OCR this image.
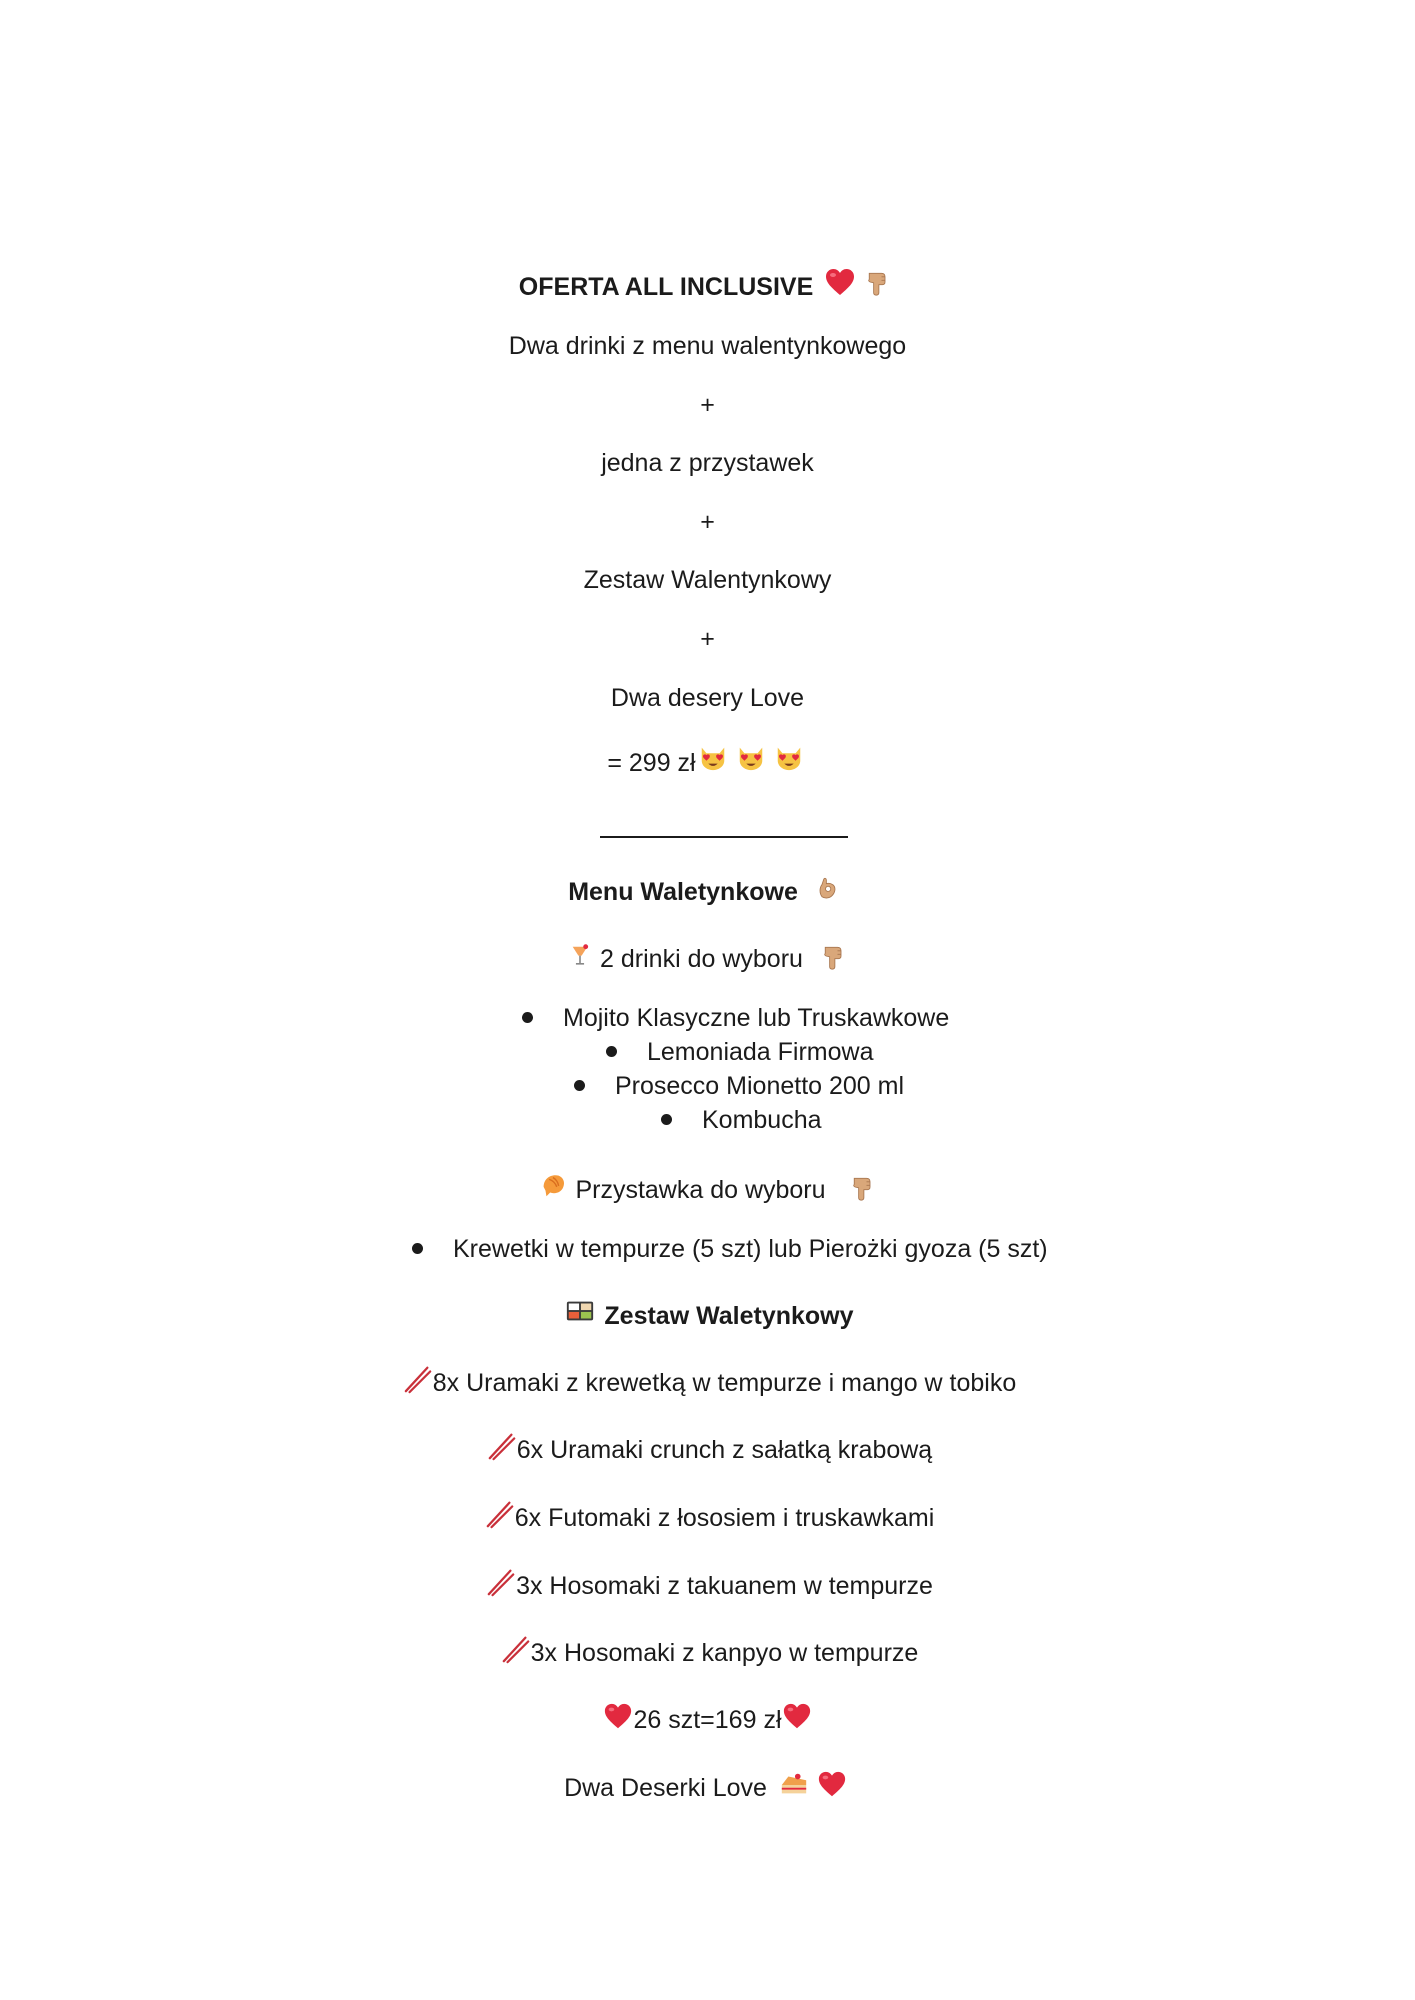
OFERTA ALL INCLUSIVE
Dwa drinki z menu walentynkowego
+
jedna z przystawek
+
Zestaw Walentynkowy
+
Dwa desery Love
= 299 zł
Menu Waletynkowe
2 drinki do wyboru
Mojito Klasyczne lub Truskawkowe
Lemoniada Firmowa
Prosecco Mionetto 200 ml
Kombucha
Przystawka do wyboru
Krewetki w tempurze (5 szt) lub Pierożki gyoza (5 szt)
Zestaw Waletynkowy
8x Uramaki z krewetką w tempurze i mango w tobiko
6x Uramaki crunch z sałatką krabową
6x Futomaki z łososiem i truskawkami
3x Hosomaki z takuanem w tempurze
3x Hosomaki z kanpyo w tempurze
26 szt=169 zł
Dwa Deserki Love
